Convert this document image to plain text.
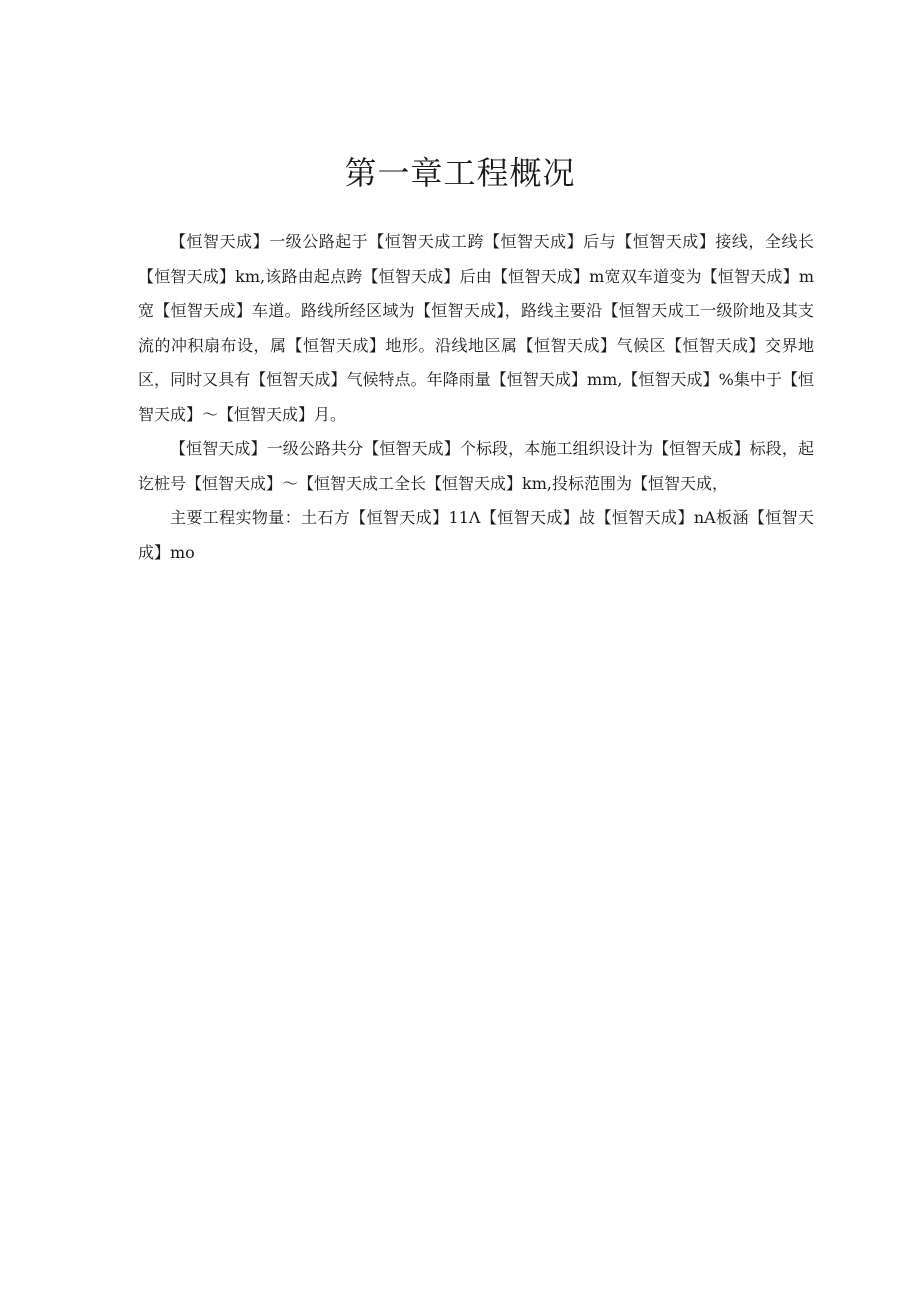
第一章工程概况

【恒智天成】一级公路起于【恒智天成工跨【恒智天成】后与【恒智天成】接线，全线长【恒智天成】km,该路由起点跨【恒智天成】后由【恒智天成】m宽双车道变为【恒智天成】m宽【恒智天成】车道。路线所经区域为【恒智天成】，路线主要沿【恒智天成工一级阶地及其支流的冲积扇布设，属【恒智天成】地形。沿线地区属【恒智天成】气候区【恒智天成】交界地区，同时又具有【恒智天成】气候特点。年降雨量【恒智天成】mm,【恒智天成】%集中于【恒智天成】～【恒智天成】月。

【恒智天成】一级公路共分【恒智天成】个标段，本施工组织设计为【恒智天成】标段，起讫桩号【恒智天成】～【恒智天成工全长【恒智天成】km,投标范围为【恒智天成，

主要工程实物量：土石方【恒智天成】11Λ【恒智天成】敁【恒智天成】nA板涵【恒智天成】mo
